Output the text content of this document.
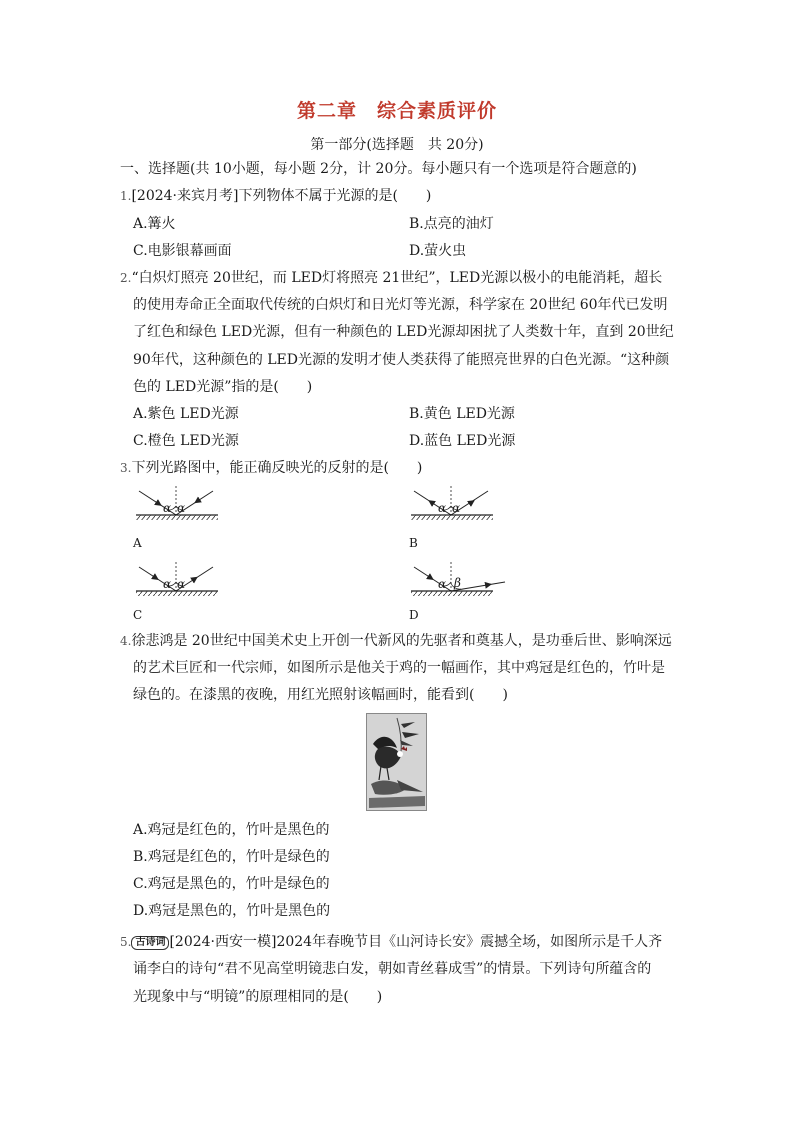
第二章　综合素质评价
第一部分(选择题　共 20分)
一、选择题(共 10小题，每小题 2分，计 20分。每小题只有一个选项是符合题意的)
1.[2024·来宾月考]下列物体不属于光源的是(　　)
A.篝火	B.点亮的油灯
C.电影银幕画面	D.萤火虫
2.“白炽灯照亮 20世纪，而 LED灯将照亮 21世纪”，LED光源以极小的电能消耗，超长
的使用寿命正全面取代传统的白炽灯和日光灯等光源，科学家在 20世纪 60年代已发明
了红色和绿色 LED光源，但有一种颜色的 LED光源却困扰了人类数十年，直到 20世纪
90年代，这种颜色的 LED光源的发明才使人类获得了能照亮世界的白色光源。“这种颜
色的 LED光源”指的是(　　)
A.紫色 LED光源	B.黄色 LED光源
C.橙色 LED光源	D.蓝色 LED光源
3.下列光路图中，能正确反映光的反射的是(　　)
α α	α α
α α	α β
A	B
C	D
4.徐悲鸿是 20世纪中国美术史上开创一代新风的先驱者和奠基人，是功垂后世、影响深远
的艺术巨匠和一代宗师，如图所示是他关于鸡的一幅画作，其中鸡冠是红色的，竹叶是
绿色的。在漆黑的夜晚，用红光照射该幅画时，能看到(　　)
A.鸡冠是红色的，竹叶是黑色的
B.鸡冠是红色的，竹叶是绿色的
C.鸡冠是黑色的，竹叶是绿色的
D.鸡冠是黑色的，竹叶是黑色的
5. 古诗词 [2024·西安一模]2024年春晚节目《山河诗长安》震撼全场，如图所示是千人齐
诵李白的诗句“君不见高堂明镜悲白发，朝如青丝暮成雪”的情景。下列诗句所蕴含的
光现象中与“明镜”的原理相同的是(　　)
